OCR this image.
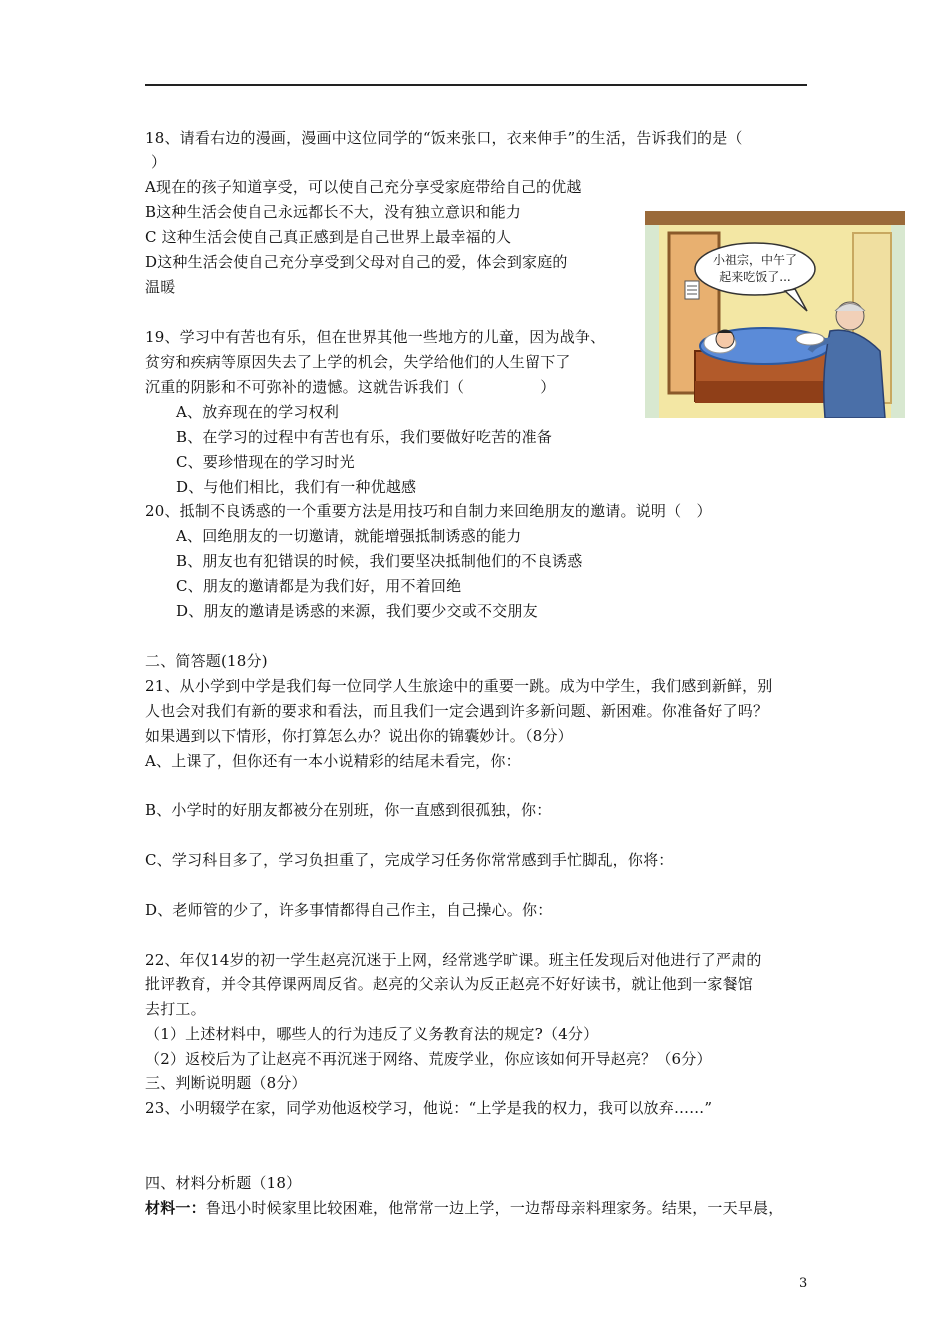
18、请看右边的漫画，漫画中这位同学的“饭来张口，衣来伸手”的生活，告诉我们的是（
）
A现在的孩子知道享受，可以使自己充分享受家庭带给自己的优越
B这种生活会使自己永远都长不大，没有独立意识和能力
C 这种生活会使自己真正感到是自己世界上最幸福的人
D这种生活会使自己充分享受到父母对自己的爱，体会到家庭的
温暖
19、学习中有苦也有乐，但在世界其他一些地方的儿童，因为战争、
贫穷和疾病等原因失去了上学的机会，失学给他们的人生留下了
沉重的阴影和不可弥补的遗憾。这就告诉我们（　　　　　）
A、放弃现在的学习权利
B、在学习的过程中有苦也有乐，我们要做好吃苦的准备
C、要珍惜现在的学习时光
D、与他们相比，我们有一种优越感
20、抵制不良诱惑的一个重要方法是用技巧和自制力来回绝朋友的邀请。说明（　）
A、回绝朋友的一切邀请，就能增强抵制诱惑的能力
B、朋友也有犯错误的时候，我们要坚决抵制他们的不良诱惑
C、朋友的邀请都是为我们好，用不着回绝
D、朋友的邀请是诱惑的来源，我们要少交或不交朋友
二、简答题(18分)
21、从小学到中学是我们每一位同学人生旅途中的重要一跳。成为中学生，我们感到新鲜，别
人也会对我们有新的要求和看法，而且我们一定会遇到许多新问题、新困难。你准备好了吗？
如果遇到以下情形，你打算怎么办？说出你的锦囊妙计。（8分）
A、上课了，但你还有一本小说精彩的结尾未看完，你：
B、小学时的好朋友都被分在别班，你一直感到很孤独，你：
C、学习科目多了，学习负担重了，完成学习任务你常常感到手忙脚乱，你将：
D、老师管的少了，许多事情都得自己作主，自己操心。你：
22、年仅14岁的初一学生赵亮沉迷于上网，经常逃学旷课。班主任发现后对他进行了严肃的
批评教育，并令其停课两周反省。赵亮的父亲认为反正赵亮不好好读书，就让他到一家餐馆
去打工。
（1）上述材料中，哪些人的行为违反了义务教育法的规定?（4分）
（2）返校后为了让赵亮不再沉迷于网络、荒废学业，你应该如何开导赵亮？（6分）
三、判断说明题（8分）
23、小明辍学在家，同学劝他返校学习，他说：“上学是我的权力，我可以放弃……”
四、材料分析题（18）
材料一：鲁迅小时候家里比较困难，他常常一边上学，一边帮母亲料理家务。结果，一天早晨，
小祖宗，中午了
起来吃饭了...
3
